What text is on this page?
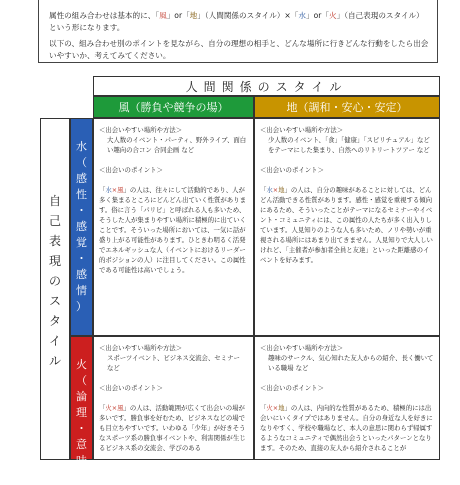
属性の組み合わせは基本的に、「風」or「地」（人間関係のスタイル）×「水」or「火」（自己表現のスタイル）という形になります。

以下の、組み合わせ別のポイントを見ながら、自分の理想の相手と、どんな場所に行きどんな行動をしたら出会いやすいか、考えてみてください。

人間関係のスタイル
風（勝負や競争の場）	地（調和・安心・安定）
自
己
表
現
の
ス
タ
イ
ル
水
（
感
性
・
感
覚
・
感
情
）
火
（
論
理
・
意
味
・

＜出会いやすい場所や方法＞

大人数のイベント・パーティ、野外ライブ、面白い趣向の合コン 合同企画 など

＜出会いのポイント＞

「水×風」の人は、往々にして活動的であり、人が多く集まるところにどんどん出ていく性質があります。俗に言う「パリピ」と呼ばれる人も多いため、そうした人が集まりやすい場所に積極的に出ていくことです。そういった場所においては、一気に話が盛り上がる可能性があります。ひときわ明るく活発でエネルギッシュな人（イベントにおけるリーダー的ポジションの人）に注目してください。この属性である可能性は高いでしょう。

＜出会いやすい場所や方法＞

少人数のイベント、「食」「健康」「スピリチュアル」などをテーマにした集まり、自然へのリトリートツアー など

＜出会いのポイント＞

「水×地」の人は、自分の趣味があることに対しては、どんどん活動できる性質があります。感性・感覚を重視する傾向にあるため、そういったことがテーマになるセミナーやイベント・コミュニティには、この属性の人たちが多く出入りしています。人見知りのような人も多いため、ノリや勢いが重視される場所にはあまり出てきません。人見知りで大人しいけれど、「主催者が参加者全員と友達」といった距離感のイベントを好みます。

＜出会いやすい場所や方法＞

スポーツイベント、ビジネス交流会、セミナー など

＜出会いのポイント＞

「火×風」の人は、活動範囲が広くて出会いの場が多いです。勝負事を好むため、ビジネスなどの場でも目立ちやすいです。いわゆる「少年」が好きそうなスポーツ系の勝負事イベントや、利害関係が生じるビジネス系の交流会、学びのある

＜出会いやすい場所や方法＞

趣味のサークル、気心知れた友人からの紹介、長く働いている職場 など

＜出会いのポイント＞

「火×地」の人は、内向的な性質があるため、積極的には出会いにいくタイプではありません。自分の身近な人を好きになりやすく、学校や職場など、本人の意思に関わらず帰属するようなコミュニティで偶然出会うといったパターンとなります。そのため、直接の友人から紹介されることが
